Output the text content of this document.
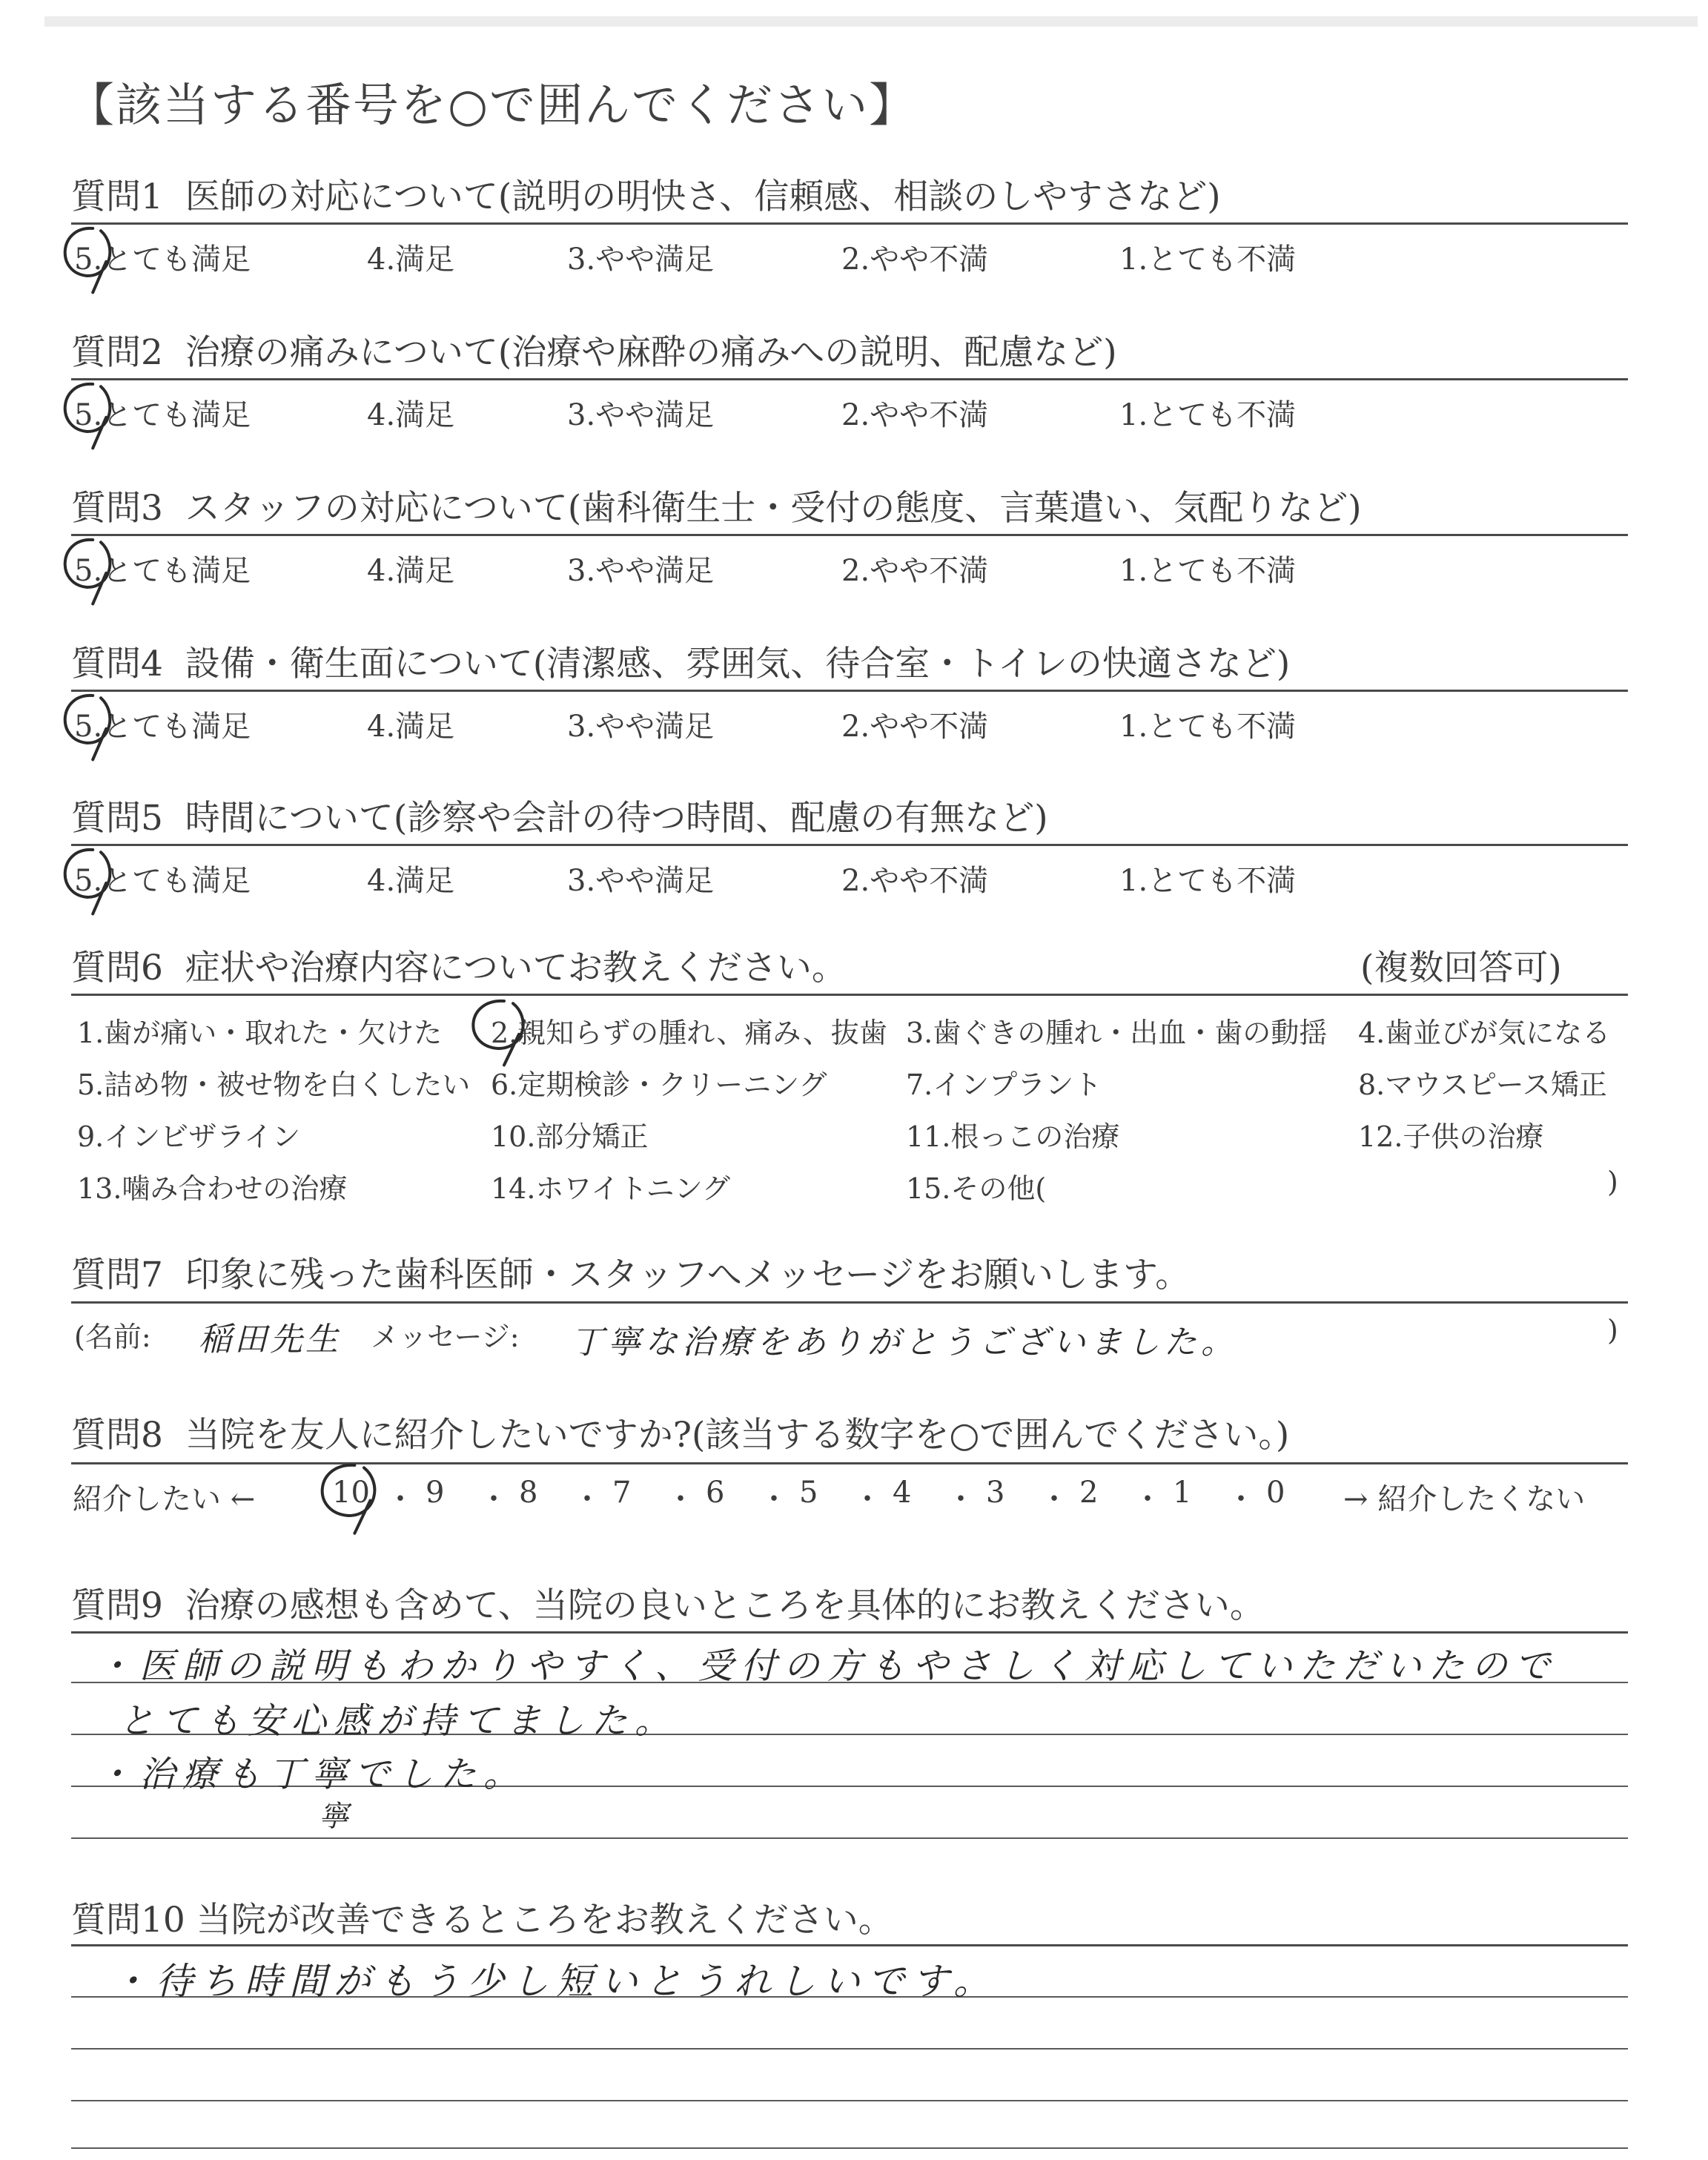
【該当する番号を○で囲んでください】
質問1 医師の対応について(説明の明快さ、信頼感、相談のしやすさなど)
5.とても満足	4.満足	3.やや満足	2.やや不満	1.とても不満
質問2 治療の痛みについて(治療や麻酔の痛みへの説明、配慮など)
5.とても満足	4.満足	3.やや満足	2.やや不満	1.とても不満
質問3 スタッフの対応について(歯科衛生士・受付の態度、言葉遣い、気配りなど)
5.とても満足	4.満足	3.やや満足	2.やや不満	1.とても不満
質問4 設備・衛生面について(清潔感、雰囲気、待合室・トイレの快適さなど)
5.とても満足	4.満足	3.やや満足	2.やや不満	1.とても不満
質問5 時間について(診察や会計の待つ時間、配慮の有無など)
5.とても満足	4.満足	3.やや満足	2.やや不満	1.とても不満
質問6 症状や治療内容についてお教えください。	(複数回答可)
1.歯が痛い・取れた・欠けた 2.親知らずの腫れ、痛み、抜歯 3.歯ぐきの腫れ・出血・歯の動揺 4.歯並びが気になる
5.詰め物・被せ物を白くしたい 6.定期検診・クリーニング	7.インプラント	8.マウスピース矯正
9.インビザライン	10.部分矯正	11.根っこの治療	12.子供の治療
13.噛み合わせの治療	14.ホワイトニング	15.その他(	)
質問7 印象に残った歯科医師・スタッフへメッセージをお願いします。
(名前: 稲田先生 メッセージ: 丁寧な治療をありがとうございました。	)
質問8 当院を友人に紹介したいですか?(該当する数字を○で囲んでください。)
紹介したい ←	10 ・ 9 ・ 8 ・ 7 ・ 6 ・ 5 ・ 4 ・ 3 ・ 2 ・ 1 ・ 0 → 紹介したくない
質問9 治療の感想も含めて、当院の良いところを具体的にお教えください。
・医師の説明もわかりやすく、受付の方もやさしく対応していただいたので
とても安心感が持てました。
・治療も丁寧でした。
寧
質問10 当院が改善できるところをお教えください。
・待ち時間がもう少し短いとうれしいです。
